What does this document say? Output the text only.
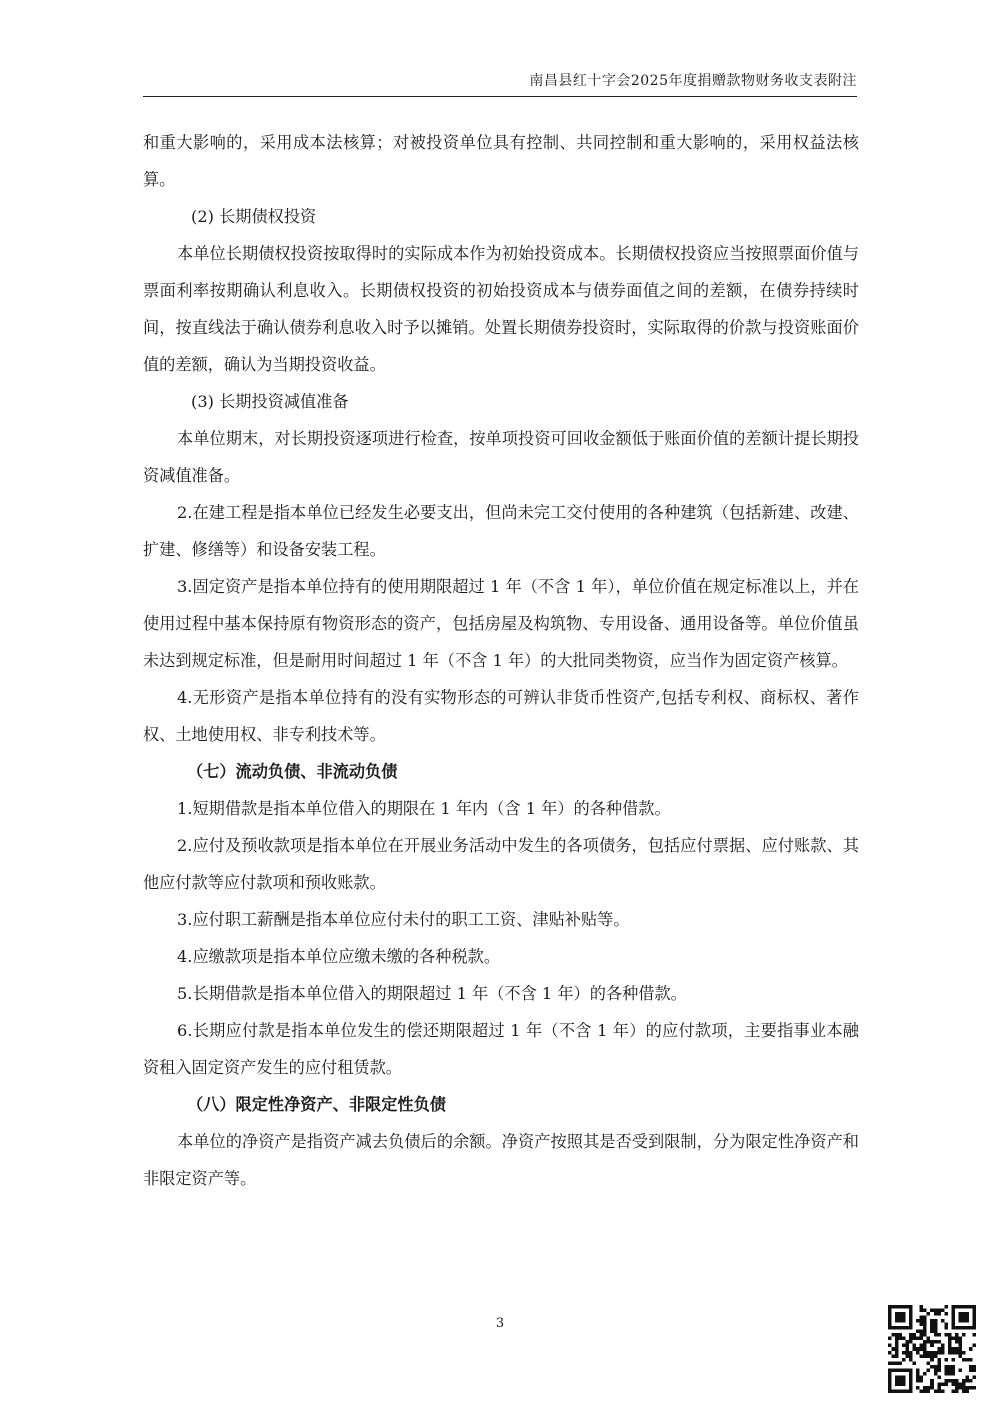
南昌县红十字会2025年度捐赠款物财务收支表附注

和重大影响的，采用成本法核算；对被投资单位具有控制、共同控制和重大影响的，采用权益法核算。

(2) 长期债权投资

本单位长期债权投资按取得时的实际成本作为初始投资成本。长期债权投资应当按照票面价值与票面利率按期确认利息收入。长期债权投资的初始投资成本与债券面值之间的差额，在债券持续时间，按直线法于确认债券利息收入时予以摊销。处置长期债券投资时，实际取得的价款与投资账面价值的差额，确认为当期投资收益。

(3) 长期投资减值准备

本单位期末，对长期投资逐项进行检查，按单项投资可回收金额低于账面价值的差额计提长期投资减值准备。

2.在建工程是指本单位已经发生必要支出，但尚未完工交付使用的各种建筑（包括新建、改建、扩建、修缮等）和设备安装工程。

3.固定资产是指本单位持有的使用期限超过 1 年（不含 1 年），单位价值在规定标准以上，并在使用过程中基本保持原有物资形态的资产，包括房屋及构筑物、专用设备、通用设备等。单位价值虽未达到规定标准，但是耐用时间超过 1 年（不含 1 年）的大批同类物资，应当作为固定资产核算。

4.无形资产是指本单位持有的没有实物形态的可辨认非货币性资产,包括专利权、商标权、著作权、土地使用权、非专利技术等。

（七）流动负债、非流动负债

1.短期借款是指本单位借入的期限在 1 年内（含 1 年）的各种借款。

2.应付及预收款项是指本单位在开展业务活动中发生的各项债务，包括应付票据、应付账款、其他应付款等应付款项和预收账款。

3.应付职工薪酬是指本单位应付未付的职工工资、津贴补贴等。

4.应缴款项是指本单位应缴未缴的各种税款。

5.长期借款是指本单位借入的期限超过 1 年（不含 1 年）的各种借款。

6.长期应付款是指本单位发生的偿还期限超过 1 年（不含 1 年）的应付款项，主要指事业本融资租入固定资产发生的应付租赁款。

（八）限定性净资产、非限定性负债

本单位的净资产是指资产减去负债后的余额。净资产按照其是否受到限制，分为限定性净资产和非限定资产等。

3
